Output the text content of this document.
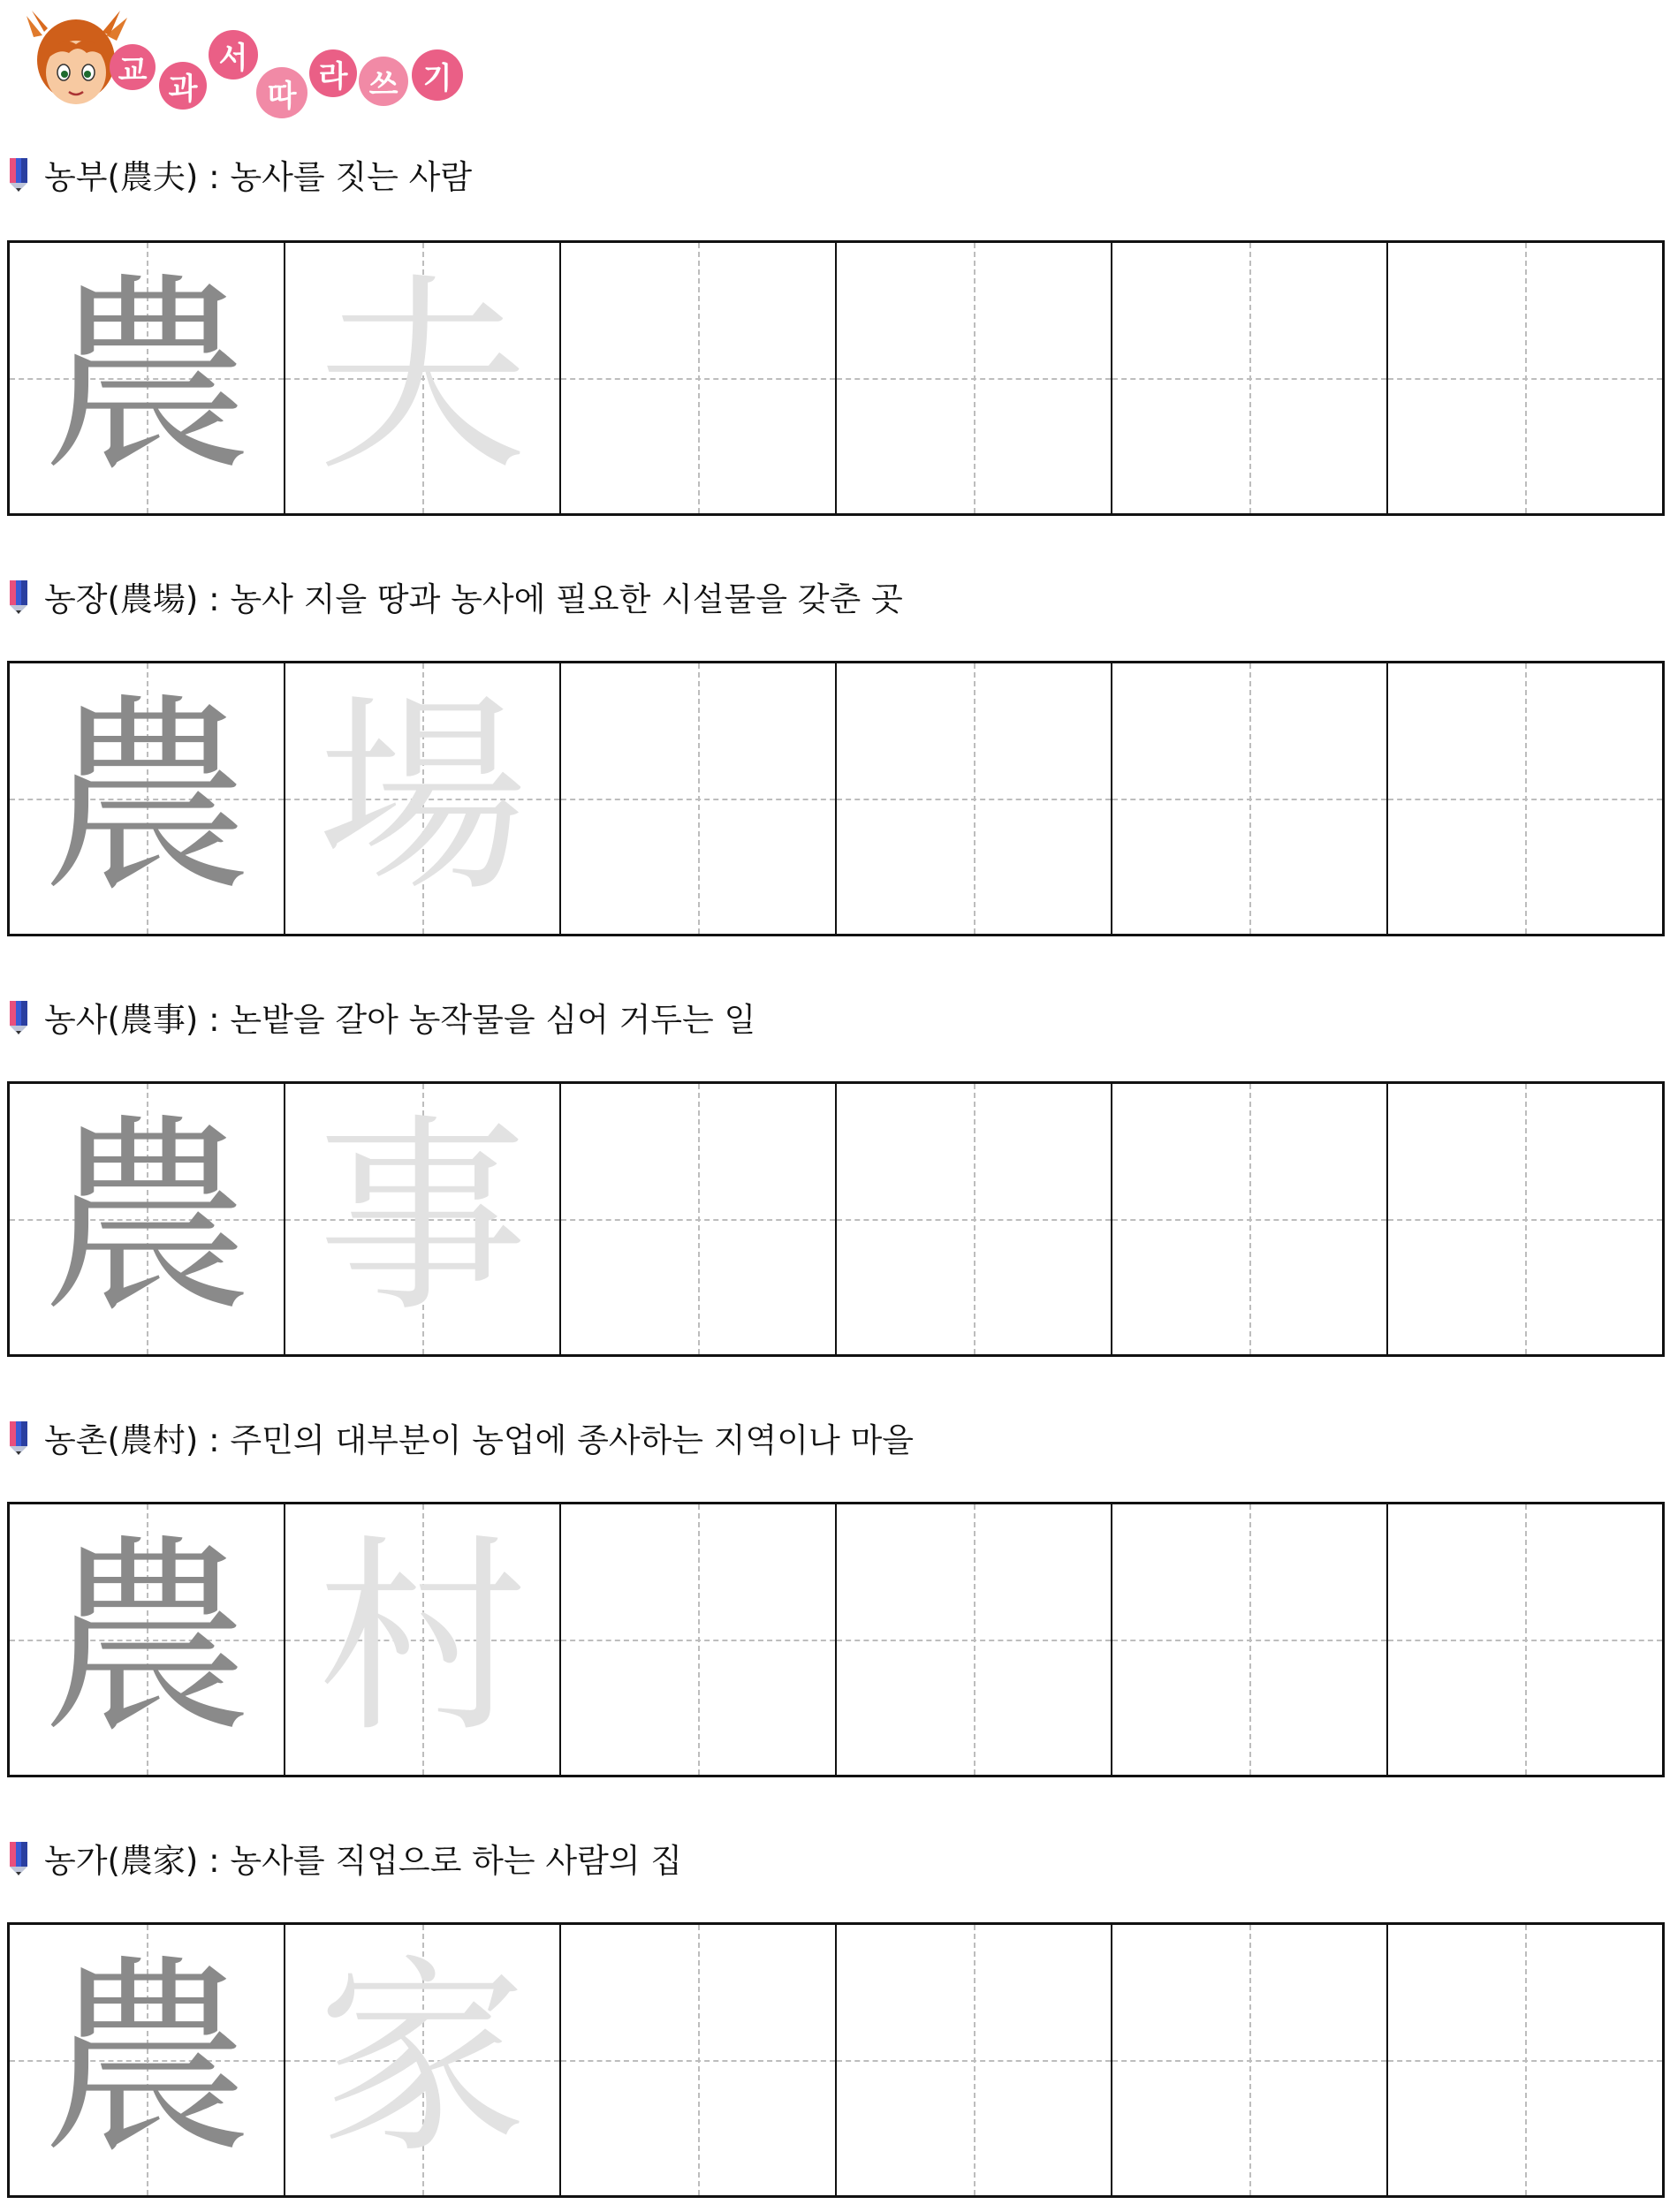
교
과
서
따
라 쓰 기
농부(農夫) : 농사를 짓는 사람
農 夫
농장(農場) : 농사 지을 땅과 농사에 필요한 시설물을 갖춘 곳
農 場
농사(農事) : 논밭을 갈아 농작물을 심어 거두는 일
農 事
농촌(農村) : 주민의 대부분이 농업에 종사하는 지역이나 마을
農 村
농가(農家) : 농사를 직업으로 하는 사람의 집
農 家
